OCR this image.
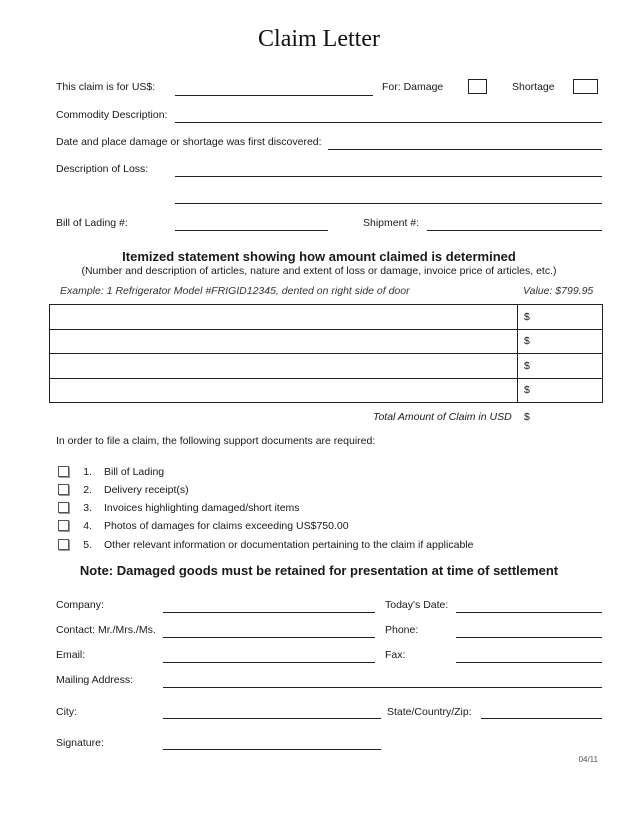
Claim Letter
This claim is for US$:	For: Damage	Shortage
Commodity Description:
Date and place damage or shortage was first discovered:
Description of Loss:
Bill of Lading #:	Shipment #:
Itemized statement showing how amount claimed is determined
(Number and description of articles, nature and extent of loss or damage, invoice price of articles, etc.)
Example: 1 Refrigerator Model #FRIGID12345, dented on right side of door	Value: $799.95
	$
	$
	$
	$
Total Amount of Claim in USD $
In order to file a claim, the following support documents are required:
1. Bill of Lading
2. Delivery receipt(s)
3. Invoices highlighting damaged/short items
4. Photos of damages for claims exceeding US$750.00
5. Other relevant information or documentation pertaining to the claim if applicable
Note: Damaged goods must be retained for presentation at time of settlement
Company:	Today's Date:
Contact: Mr./Mrs./Ms.	Phone:
Email:	Fax:
Mailing Address:
City:	State/Country/Zip:
Signature:
04/11
